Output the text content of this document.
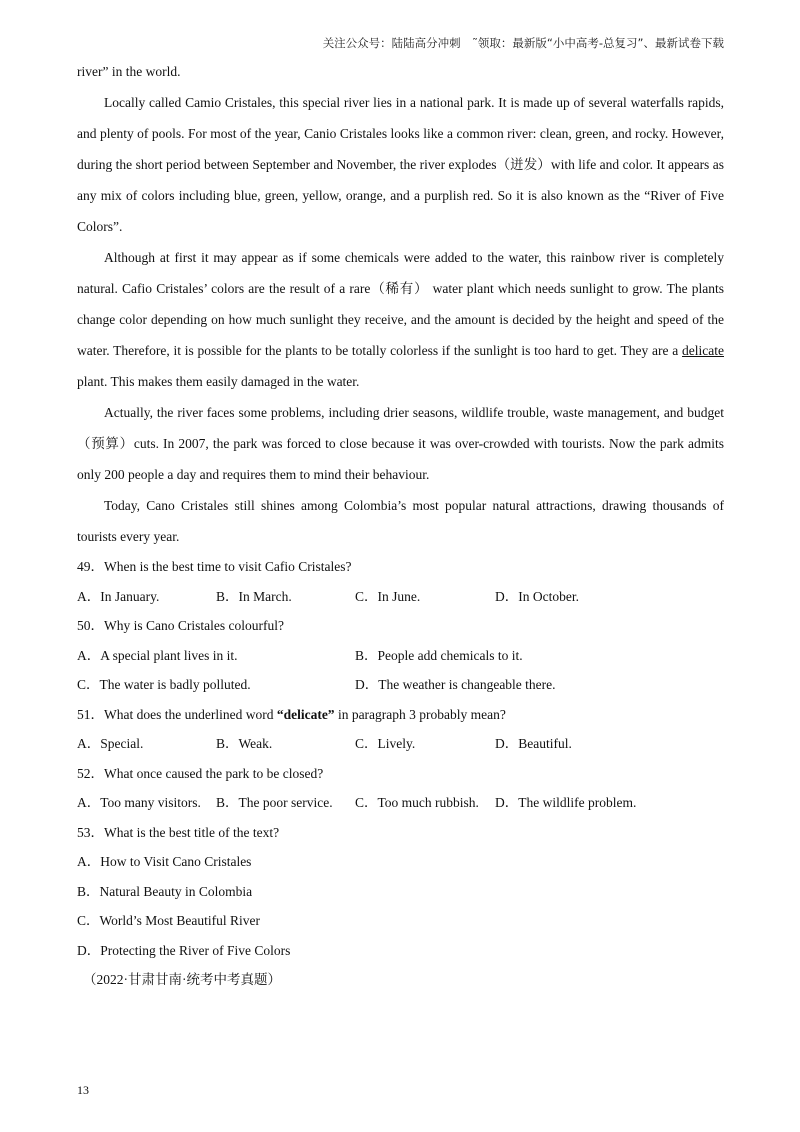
关注公众号：陆陆高分冲刺　˜领取：最新版“小中高考-总复习”、最新试卷下载

river” in the world.

Locally called Camio Cristales, this special river lies in a national park. It is made up of several waterfalls rapids, and plenty of pools. For most of the year, Canio Cristales looks like a common river: clean, green, and rocky. However, during the short period between September and November, the river explodes（迸发）with life and color. It appears as any mix of colors including blue, green, yellow, orange, and a purplish red. So it is also known as the “River of Five Colors”.

Although at first it may appear as if some chemicals were added to the water, this rainbow river is completely natural. Cafio Cristales’ colors are the result of a rare（稀有） water plant which needs sunlight to grow. The plants change color depending on how much sunlight they receive, and the amount is decided by the height and speed of the water. Therefore, it is possible for the plants to be totally colorless if the sunlight is too hard to get. They are a delicate plant. This makes them easily damaged in the water.

Actually, the river faces some problems, including drier seasons, wildlife trouble, waste management, and budget （预算）cuts. In 2007, the park was forced to close because it was over-crowded with tourists. Now the park admits only 200 people a day and requires them to mind their behaviour.

Today, Cano Cristales still shines among Colombia’s most popular natural attractions, drawing thousands of tourists every year.

49．When is the best time to visit Cafio Cristales?

A．In January.	B．In March.	C．In June.	D．In October.

50．Why is Cano Cristales colourful?

A．A special plant lives in it.	B．People add chemicals to it.
C．The water is badly polluted.	D．The weather is changeable there.

51．What does the underlined word “delicate” in paragraph 3 probably mean?

A．Special.	B．Weak.	C．Lively.	D．Beautiful.

52．What once caused the park to be closed?

A．Too many visitors. B．The poor service. C．Too much rubbish. D．The wildlife problem.

53．What is the best title of the text?

A．How to Visit Cano Cristales

B．Natural Beauty in Colombia

C．World’s Most Beautiful River

D．Protecting the River of Five Colors

（2022·甘肃甘南·统考中考真题）

13
